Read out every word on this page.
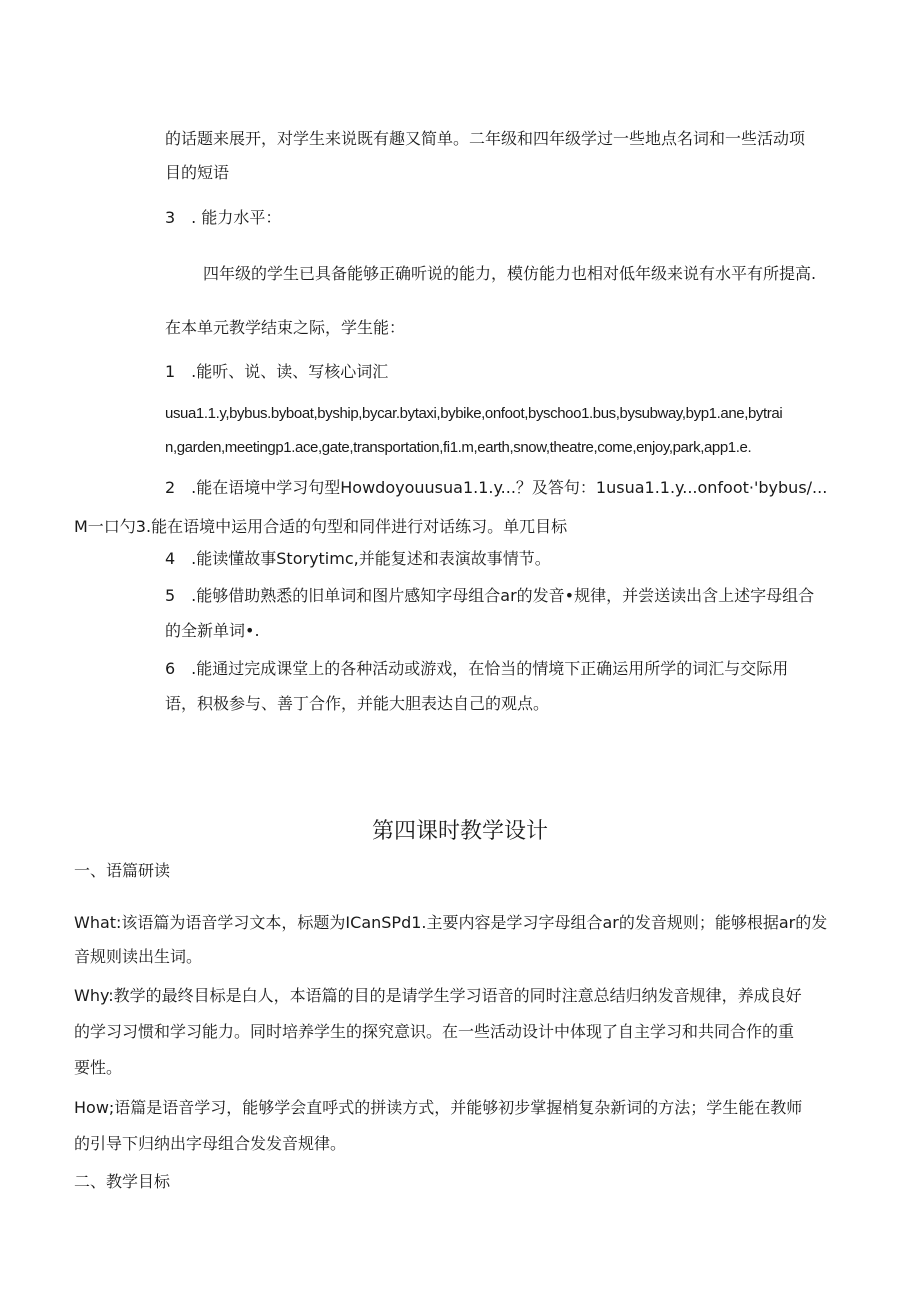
的话题来展开，对学生来说既有趣又简单。二年级和四年级学过一些地点名词和一些活动项
目的短语
3　. 能力水平：
四年级的学生已具备能够正确听说的能力，模仿能力也相对低年级来说有水平有所提高.
在本单元教学结束之际，学生能：
1　.能听、说、读、写核心词汇
usua1.1.y,bybus.byboat,byship,bycar.bytaxi,bybike,onfoot,byschoo1.bus,bysubway,byp1.ane,bytrai
n,garden,meetingp1.ace,gate,transportation,fi1.m,earth,snow,theatre,come,enjoy,park,app1.e.
2　.能在语境中学习句型Howdoyouusua1.1.y...？及答句：1usua1.1.y...onfoot·'bybus/...
M一口勺3.能在语境中运用合适的句型和同伴进行对话练习。单兀目标
4　.能读懂故事Storytimc,并能复述和表演故事情节。
5　.能够借助熟悉的旧单词和图片感知字母组合ar的发音•规律，并尝送读出含上述字母组合
的全新单词•.
6　.能通过完成课堂上的各种活动或游戏，在恰当的情境下正确运用所学的词汇与交际用
语，积极参与、善丁合作，并能大胆表达自己的观点。
第四课时教学设计
一、语篇研读
What:该语篇为语音学习文本，标题为ICanSPd1.主要内容是学习字母组合ar的发音规则；能够根据ar的发
音规则读出生词。
Why:教学的最终目标是白人，本语篇的目的是请学生学习语音的同时注意总结归纳发音规律，养成良好
的学习习惯和学习能力。同时培养学生的探究意识。在一些活动设计中体现了自主学习和共同合作的重
要性。
How;语篇是语音学习，能够学会直呼式的拼读方式，并能够初步掌握梢复杂新词的方法；学生能在教师
的引导下归纳出字母组合发发音规律。
二、教学目标
